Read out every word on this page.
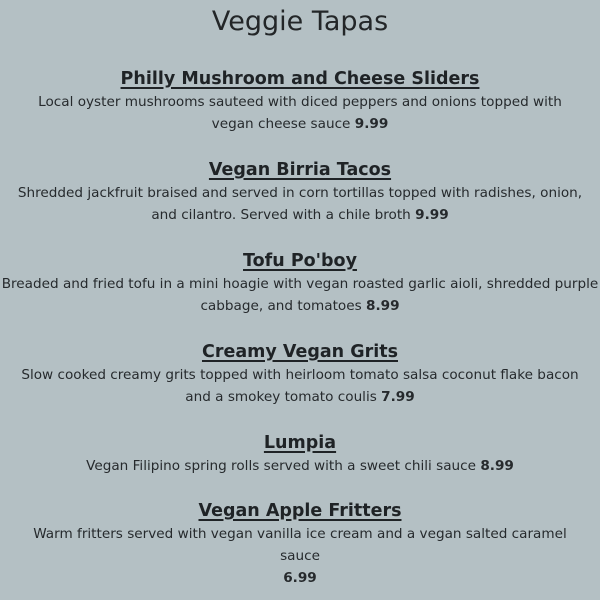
Veggie Tapas
Philly Mushroom and Cheese Sliders

Local oyster mushrooms sauteed with diced peppers and onions topped with vegan cheese sauce 9.99

Vegan Birria Tacos

Shredded jackfruit braised and served in corn tortillas topped with radishes, onion, and cilantro. Served with a chile broth 9.99

Tofu Po'boy

Breaded and fried tofu in a mini hoagie with vegan roasted garlic aioli, shredded purple cabbage, and tomatoes 8.99

Creamy Vegan Grits

Slow cooked creamy grits topped with heirloom tomato salsa coconut flake bacon and a smokey tomato coulis 7.99

Lumpia

Vegan Filipino spring rolls served with a sweet chili sauce 8.99

Vegan Apple Fritters

Warm fritters served with vegan vanilla ice cream and a vegan salted caramel sauce

6.99
